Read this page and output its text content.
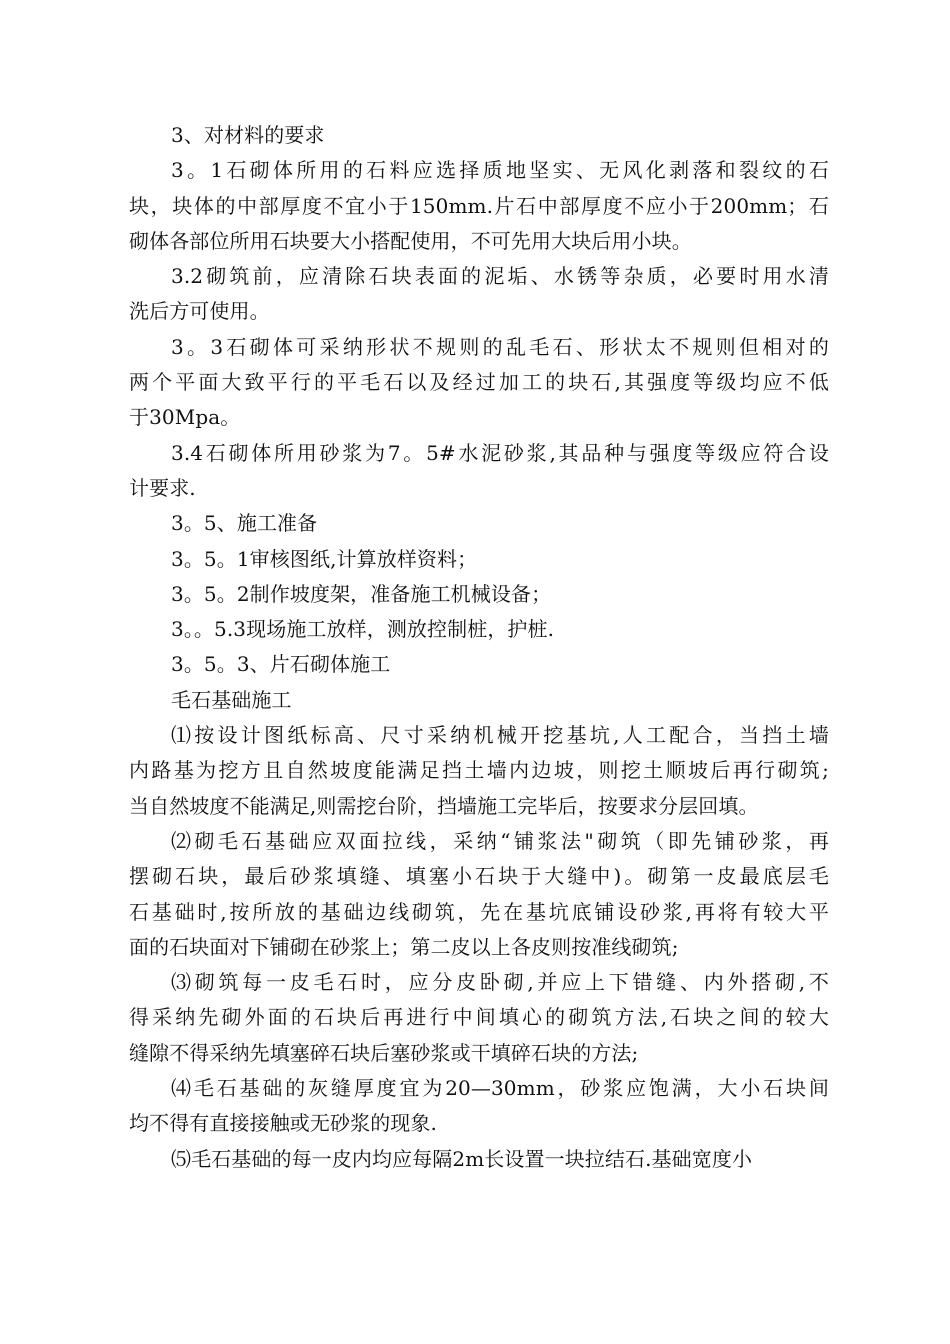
3、对材料的要求
3。1石砌体所用的石料应选择质地坚实、无风化剥落和裂纹的石
块，块体的中部厚度不宜小于150mm.片石中部厚度不应小于200mm；石
砌体各部位所用石块要大小搭配使用，不可先用大块后用小块。
3.2砌筑前，应清除石块表面的泥垢、水锈等杂质，必要时用水清
洗后方可使用。
3。3石砌体可采纳形状不规则的乱毛石、形状太不规则但相对的
两个平面大致平行的平毛石以及经过加工的块石,其强度等级均应不低
于30Mpa。
3.4石砌体所用砂浆为7。5#水泥砂浆,其品种与强度等级应符合设
计要求.
3。5、施工准备
3。5。1审核图纸,计算放样资料；
3。5。2制作坡度架，准备施工机械设备；
3。。5.3现场施工放样，测放控制桩，护桩.
3。5。3、片石砌体施工
毛石基础施工
⑴按设计图纸标高、尺寸采纳机械开挖基坑,人工配合，当挡土墙
内路基为挖方且自然坡度能满足挡土墙内边坡，则挖土顺坡后再行砌筑;
当自然坡度不能满足,则需挖台阶，挡墙施工完毕后，按要求分层回填。
⑵砌毛石基础应双面拉线，采纳“铺浆法"砌筑（即先铺砂浆，再
摆砌石块，最后砂浆填缝、填塞小石块于大缝中)。砌第一皮最底层毛
石基础时,按所放的基础边线砌筑，先在基坑底铺设砂浆,再将有较大平
面的石块面对下铺砌在砂浆上；第二皮以上各皮则按准线砌筑;
⑶砌筑每一皮毛石时，应分皮卧砌,并应上下错缝、内外搭砌,不
得采纳先砌外面的石块后再进行中间填心的砌筑方法,石块之间的较大
缝隙不得采纳先填塞碎石块后塞砂浆或干填碎石块的方法;
⑷毛石基础的灰缝厚度宜为20—30mm，砂浆应饱满，大小石块间
均不得有直接接触或无砂浆的现象.
⑸毛石基础的每一皮内均应每隔2m长设置一块拉结石.基础宽度小
